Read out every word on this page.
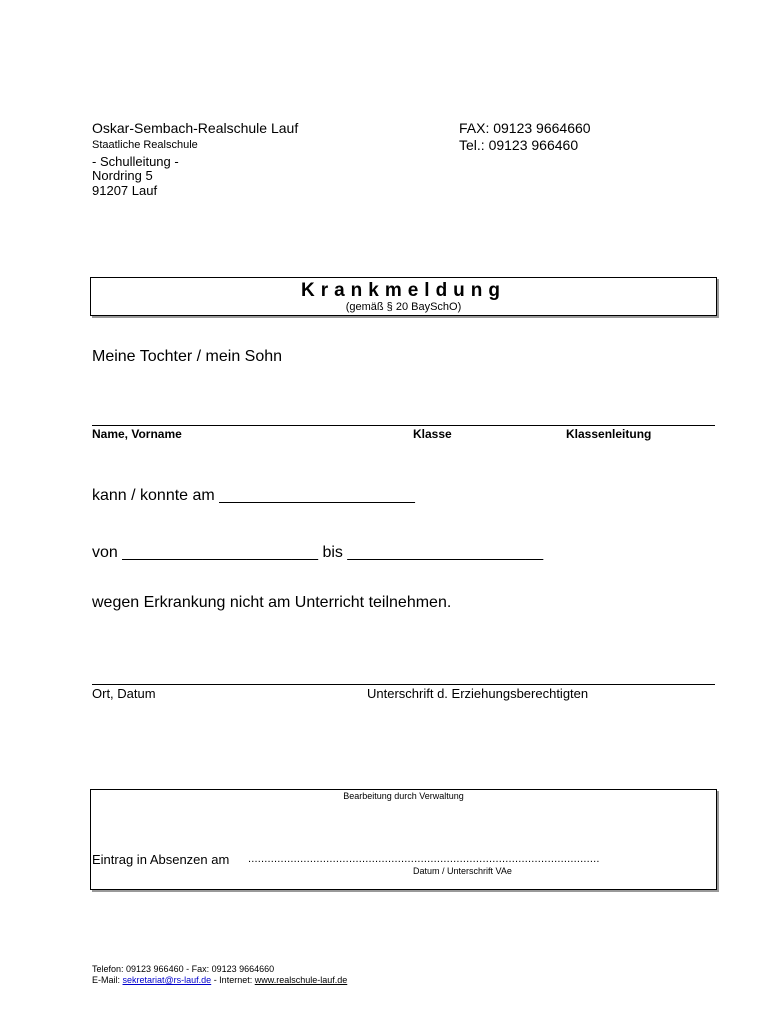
Oskar-Sembach-Realschule Lauf
Staatliche Realschule
- Schulleitung -
Nordring 5
91207 Lauf
FAX: 09123 9664660
Tel.: 09123 966460
Krankmeldung
(gemäß § 20 BaySchO)
Meine Tochter / mein Sohn
Name, Vorname	Klasse	Klassenleitung
kann / konnte am ______________________
von ______________________ bis ______________________
wegen Erkrankung nicht am Unterricht teilnehmen.
Ort, Datum	Unterschrift d. Erziehungsberechtigten
Bearbeitung durch Verwaltung
Eintrag in Absenzen am ............................................................................................................
Datum / Unterschrift VAe
Telefon: 09123 966460 - Fax: 09123 9664660
E-Mail: sekretariat@rs-lauf.de - Internet: www.realschule-lauf.de
